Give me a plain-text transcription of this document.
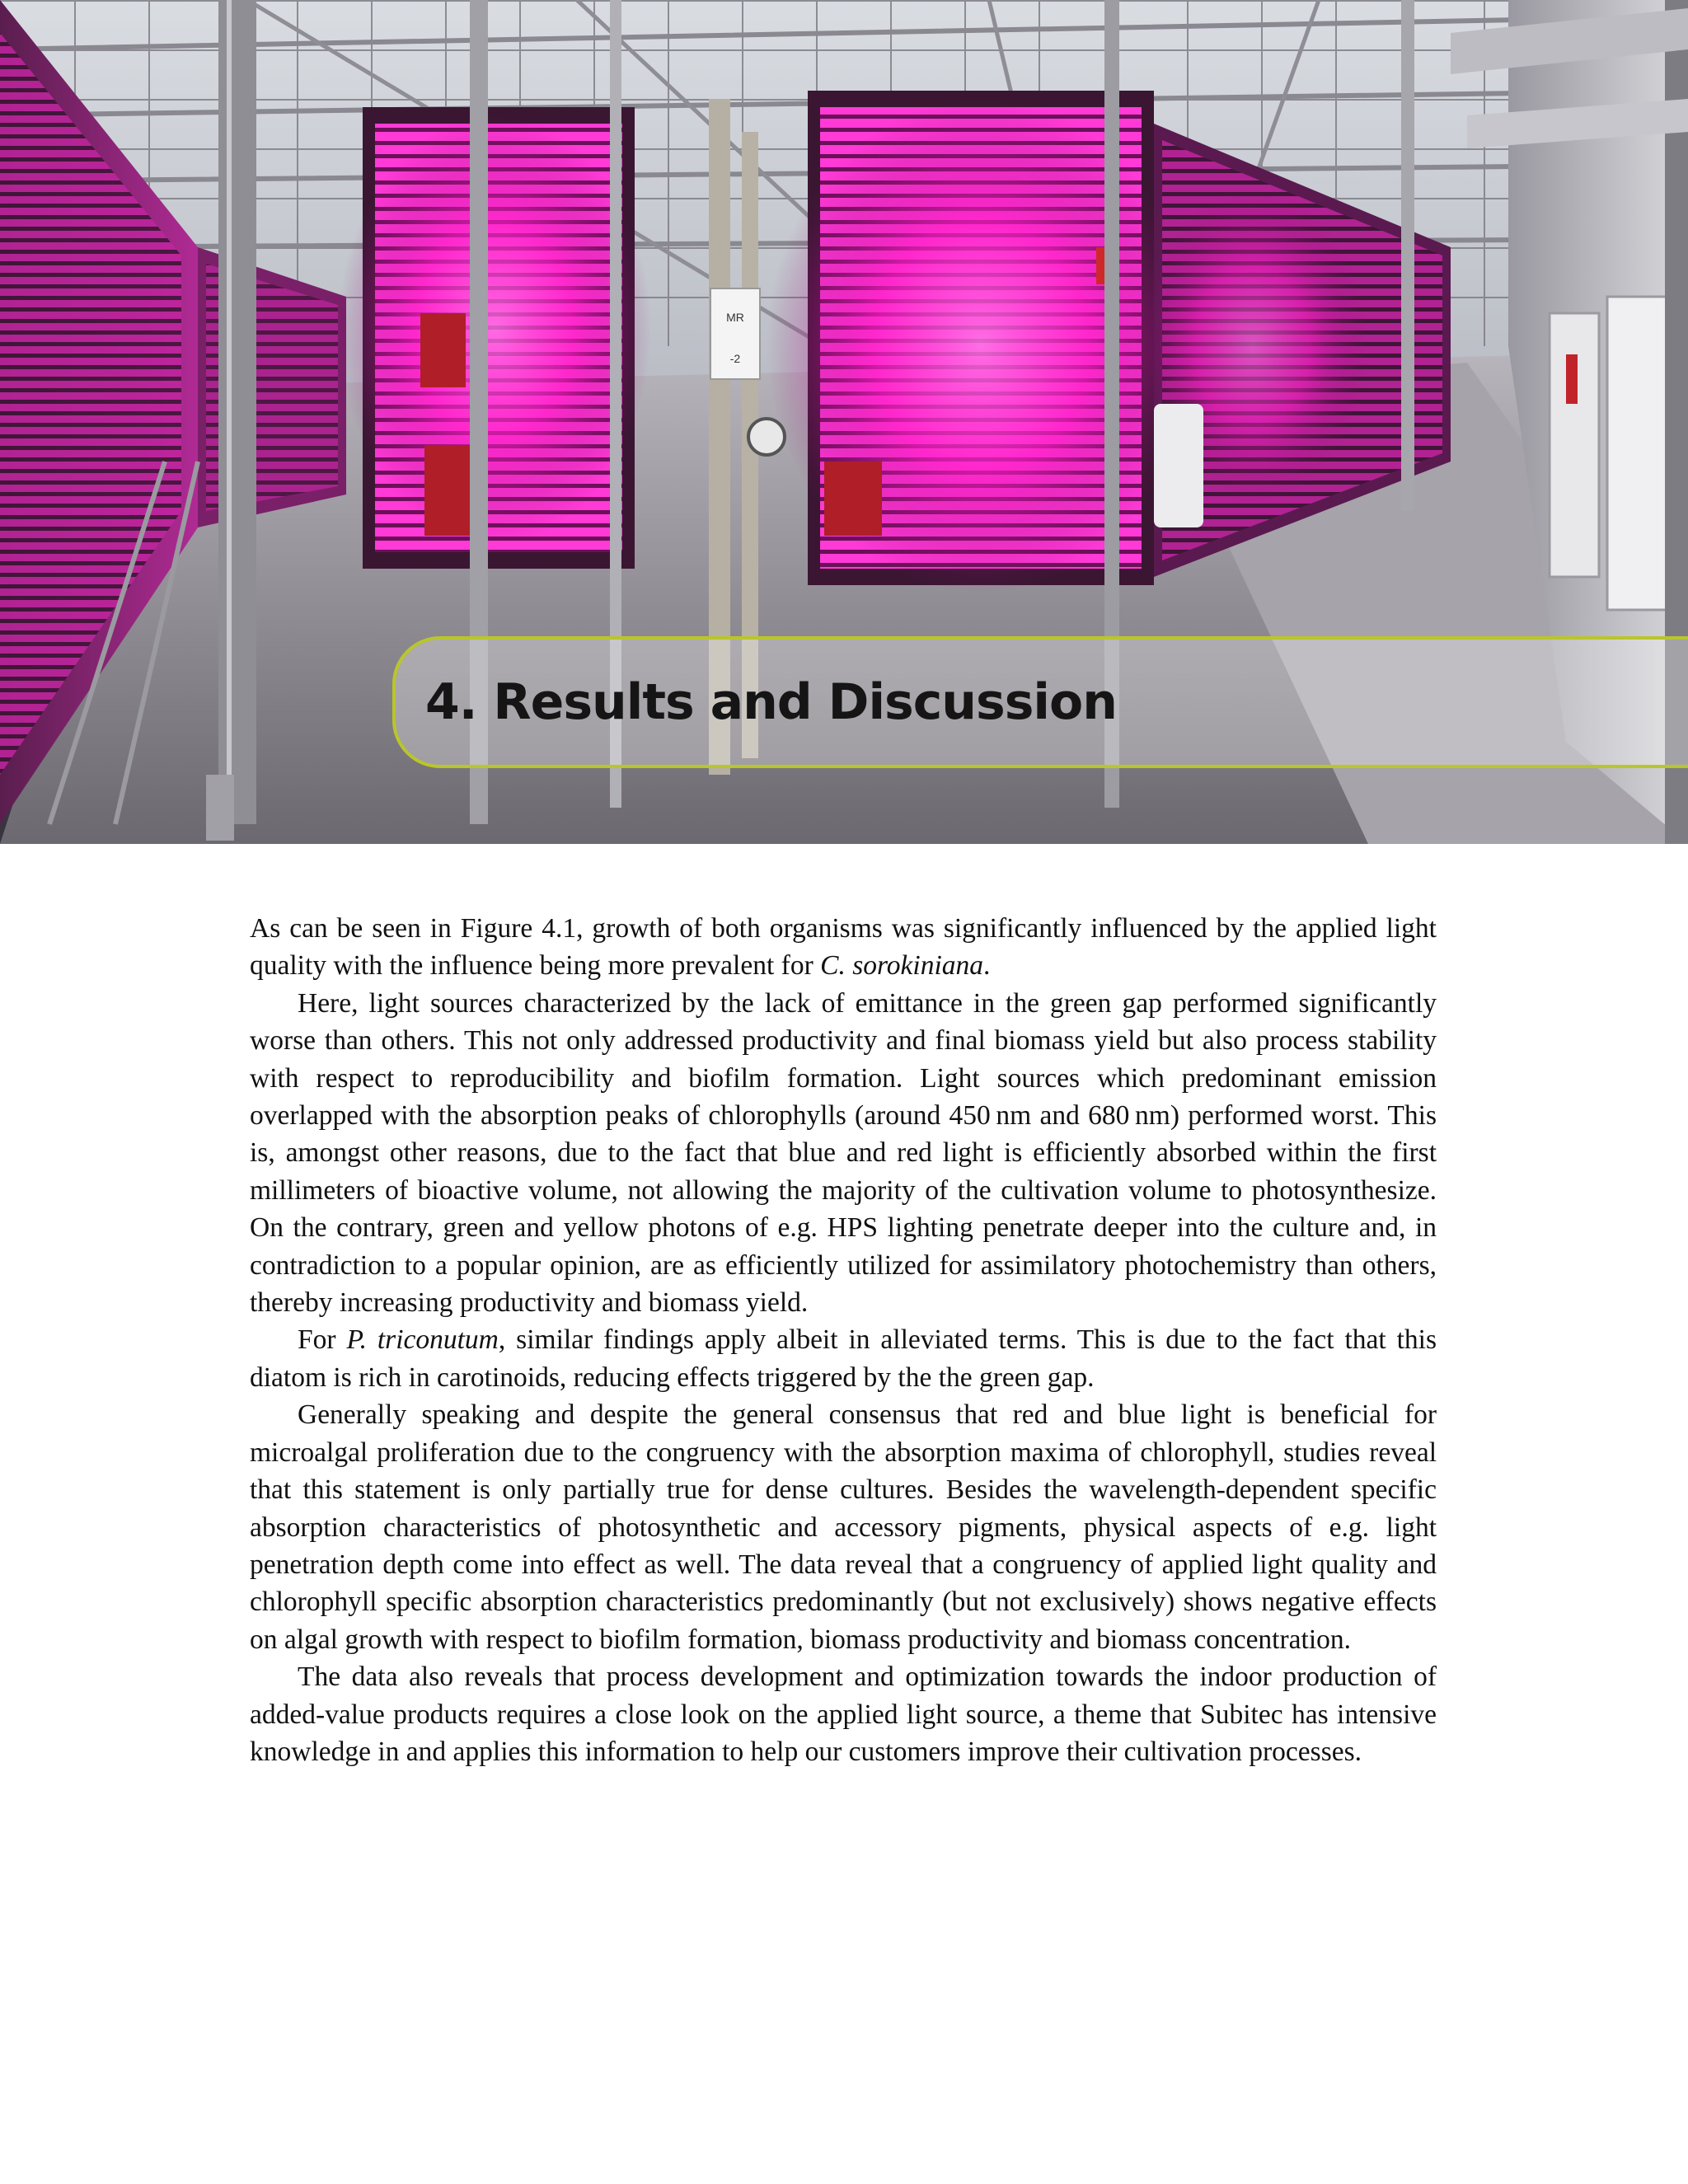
MR
-2
4. Results and Discussion

As can be seen in Figure 4.1, growth of both organisms was significantly influenced by the applied light quality with the influence being more prevalent for C. sorokiniana.

Here, light sources characterized by the lack of emittance in the green gap performed significantly worse than others. This not only addressed productivity and final biomass yield but also process stability with respect to reproducibility and biofilm formation. Light sources which predominant emission overlapped with the absorption peaks of chlorophylls (around 450 nm and 680 nm) performed worst. This is, amongst other reasons, due to the fact that blue and red light is efficiently absorbed within the first millimeters of bioactive volume, not allowing the majority of the cultivation volume to photosynthesize. On the contrary, green and yellow photons of e.g. HPS lighting penetrate deeper into the culture and, in contradiction to a popular opinion, are as efficiently utilized for assimilatory photochemistry than others, thereby increasing productivity and biomass yield.

For P. triconutum, similar findings apply albeit in alleviated terms. This is due to the fact that this diatom is rich in carotinoids, reducing effects triggered by the the green gap.

Generally speaking and despite the general consensus that red and blue light is beneficial for microalgal proliferation due to the congruency with the absorption maxima of chlorophyll, studies reveal that this statement is only partially true for dense cultures. Besides the wavelength-dependent specific absorption characteristics of photosynthetic and accessory pigments, physical aspects of e.g. light penetration depth come into effect as well. The data reveal that a congruency of applied light quality and chlorophyll specific absorption characteristics predominantly (but not exclusively) shows negative effects on algal growth with respect to biofilm formation, biomass productivity and biomass concentration.

The data also reveals that process development and optimization towards the indoor production of added-value products requires a close look on the applied light source, a theme that Subitec has intensive knowledge in and applies this information to help our customers improve their cultivation processes.
